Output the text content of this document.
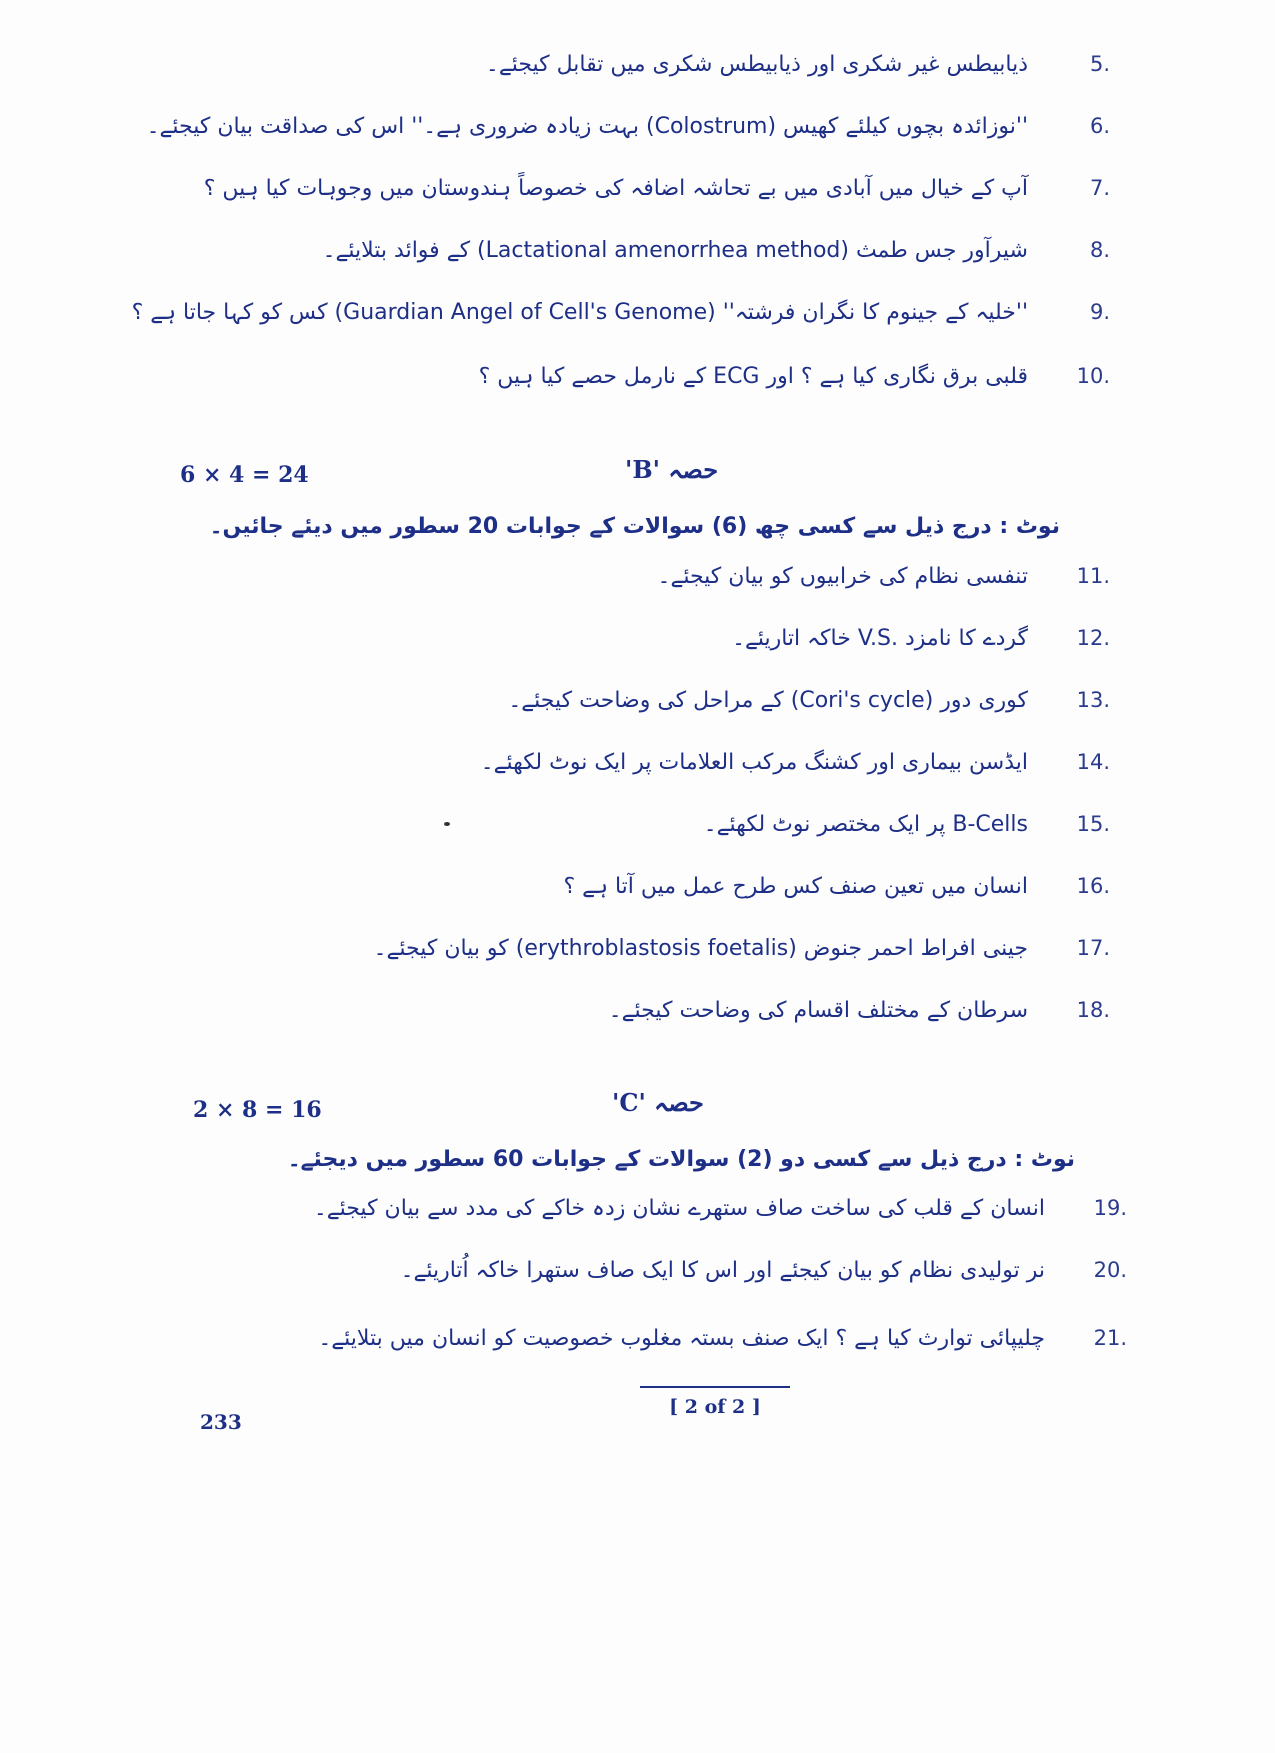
5.
ذیابیطس غیر شکری اور ذیابیطس شکری میں تقابل کیجئے۔
6.
''نوزائدہ بچوں کیلئے کھیس (Colostrum) بہت زیادہ ضروری ہے۔'' اس کی صداقت بیان کیجئے۔
7.
آپ کے خیال میں آبادی میں بے تحاشہ اضافہ کی خصوصاً ہندوستان میں وجوہات کیا ہیں ؟
8.
شیرآور جس طمث (Lactational amenorrhea method) کے فوائد بتلایئے۔
9.
''خلیہ کے جینوم کا نگران فرشتہ'' (Guardian Angel of Cell's Genome) کس کو کہا جاتا ہے ؟
10.
قلبی برق نگاری کیا ہے ؟ اور ECG کے نارمل حصے کیا ہیں ؟
6 × 4 = 24	حصہ 'B'
نوٹ : درج ذیل سے کسی چھ (6) سوالات کے جوابات 20 سطور میں دیئے جائیں۔
11.
تنفسی نظام کی خرابیوں کو بیان کیجئے۔
12.
گردے کا نامزد .V.S خاکہ اتاریئے۔
13.
کوری دور (Cori's cycle) کے مراحل کی وضاحت کیجئے۔
14.
ایڈسن بیماری اور کشنگ مرکب العلامات پر ایک نوٹ لکھئے۔
15.
B-Cells پر ایک مختصر نوٹ لکھئے۔
16.
انسان میں تعین صنف کس طرح عمل میں آتا ہے ؟
17.
جینی افراط احمر جنوض (erythroblastosis foetalis) کو بیان کیجئے۔
18.
سرطان کے مختلف اقسام کی وضاحت کیجئے۔
2 × 8 = 16	حصہ 'C'
نوٹ : درج ذیل سے کسی دو (2) سوالات کے جوابات 60 سطور میں دیجئے۔
19.
انسان کے قلب کی ساخت صاف ستھرے نشان زدہ خاکے کی مدد سے بیان کیجئے۔
20.
نر تولیدی نظام کو بیان کیجئے اور اس کا ایک صاف ستھرا خاکہ اُتاریئے۔
21.
چلیپائی توارث کیا ہے ؟ ایک صنف بستہ مغلوب خصوصیت کو انسان میں بتلایئے۔
233
[ 2 of 2 ]
